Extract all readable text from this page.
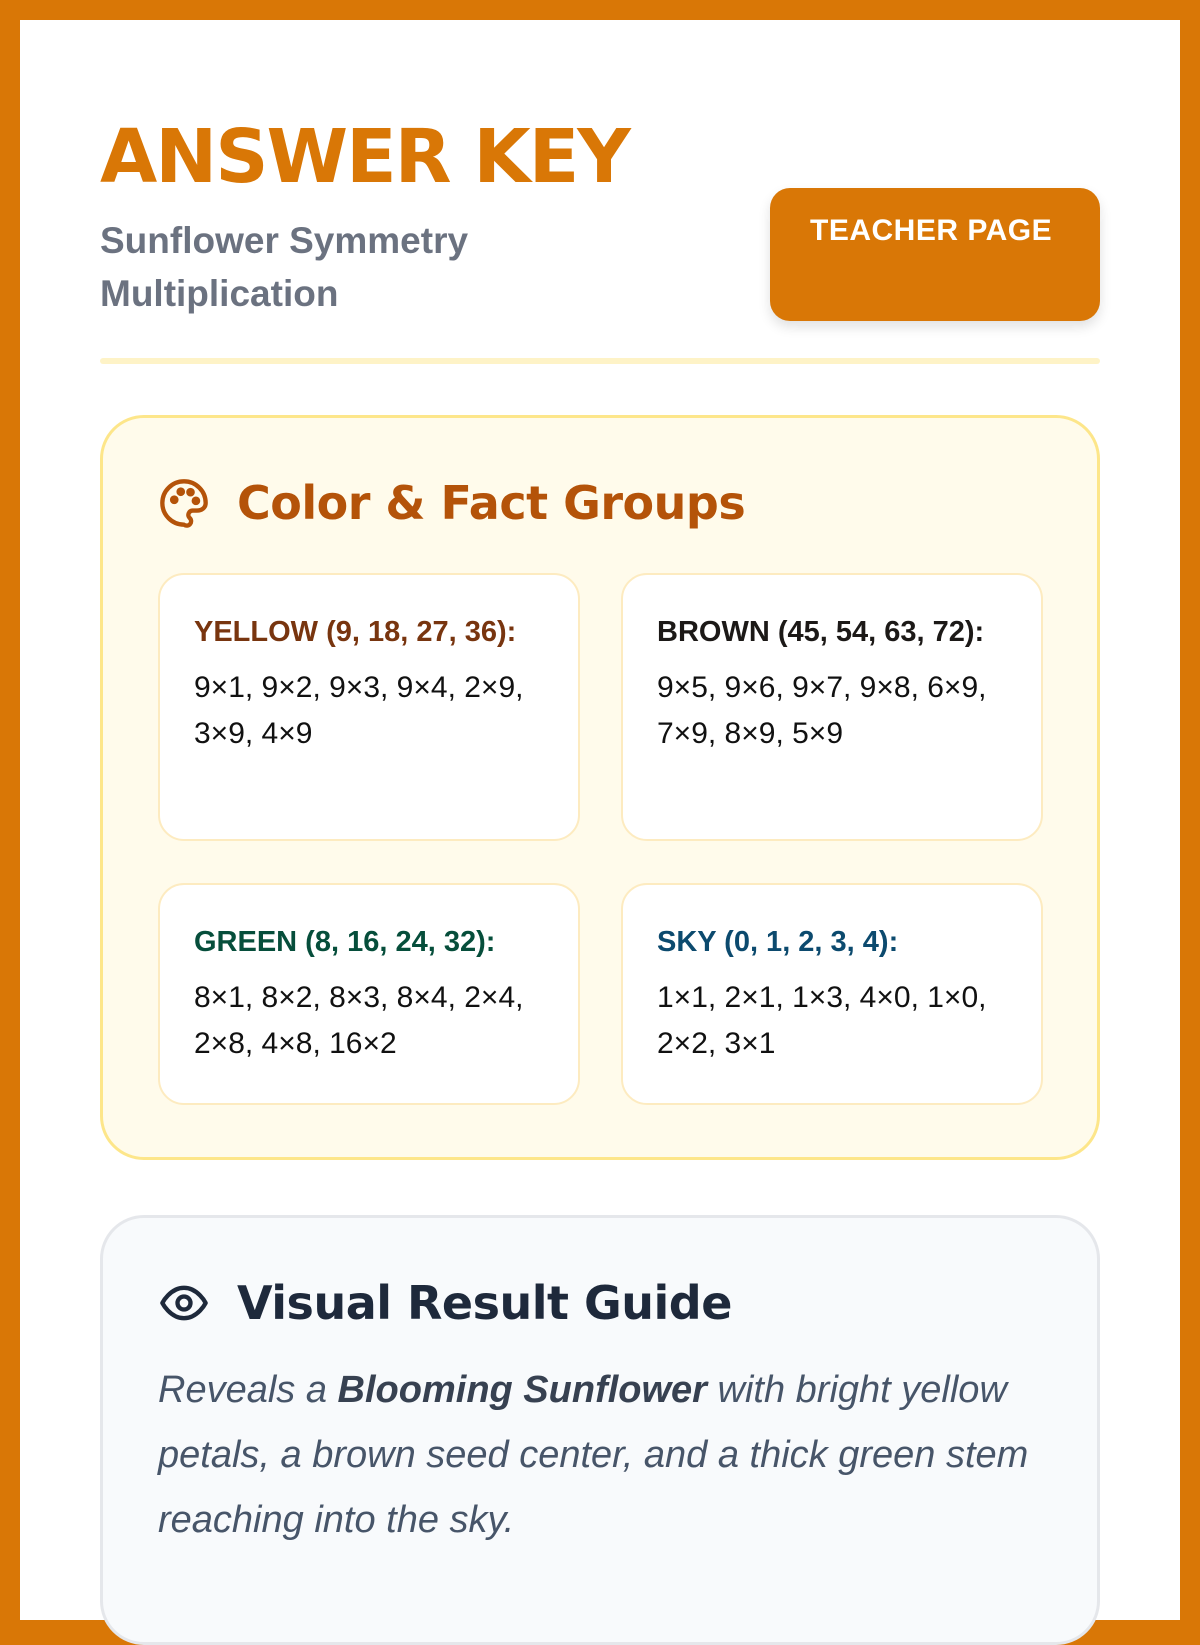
ANSWER KEY

Sunflower Symmetry Multiplication

TEACHER PAGE
Color & Fact Groups
YELLOW (9, 18, 27, 36):
9×1, 9×2, 9×3, 9×4, 2×9, 3×9, 4×9
BROWN (45, 54, 63, 72):
9×5, 9×6, 9×7, 9×8, 6×9, 7×9, 8×9, 5×9
GREEN (8, 16, 24, 32):
8×1, 8×2, 8×3, 8×4, 2×4, 2×8, 4×8, 16×2
SKY (0, 1, 2, 3, 4):
1×1, 2×1, 1×3, 4×0, 1×0, 2×2, 3×1
Visual Result Guide

Reveals a Blooming Sunflower with bright yellow petals, a brown seed center, and a thick green stem reaching into the sky.
